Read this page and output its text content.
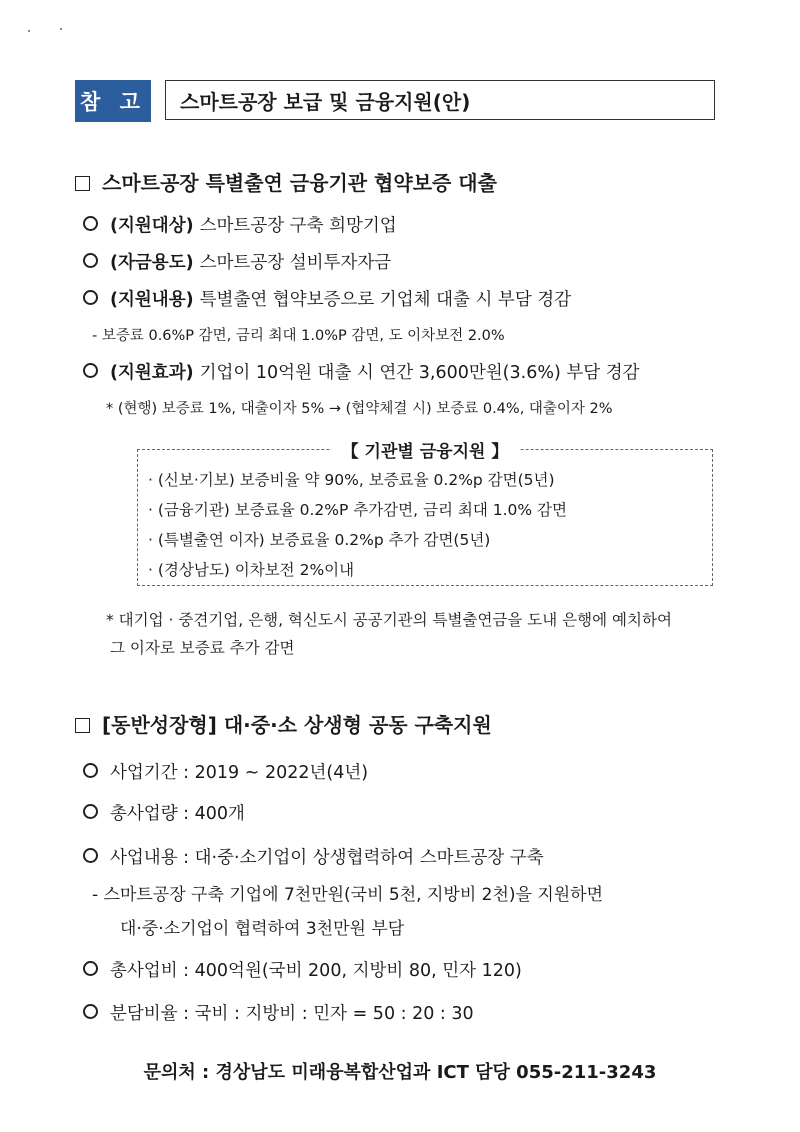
참 고	스마트공장 보급 및 금융지원(안)
스마트공장 특별출연 금융기관 협약보증 대출
(지원대상) 스마트공장 구축 희망기업
(자금용도) 스마트공장 설비투자자금
(지원내용) 특별출연 협약보증으로 기업체 대출 시 부담 경감
- 보증료 0.6%P 감면, 금리 최대 1.0%P 감면, 도 이차보전 2.0%
(지원효과) 기업이 10억원 대출 시 연간 3,600만원(3.6%) 부담 경감
* (현행) 보증료 1%, 대출이자 5% → (협약체결 시) 보증료 0.4%, 대출이자 2%
【 기관별 금융지원 】
· (신보·기보) 보증비율 약 90%, 보증료율 0.2%p 감면(5년)
· (금융기관) 보증료율 0.2%P 추가감면, 금리 최대 1.0% 감면
· (특별출연 이자) 보증료율 0.2%p 추가 감면(5년)
· (경상남도) 이차보전 2%이내
* 대기업 · 중견기업, 은행, 혁신도시 공공기관의 특별출연금을 도내 은행에 예치하여
그 이자로 보증료 추가 감면
[동반성장형] 대·중·소 상생형 공동 구축지원
사업기간 : 2019 ~ 2022년(4년)
총사업량 : 400개
사업내용 : 대·중·소기업이 상생협력하여 스마트공장 구축
- 스마트공장 구축 기업에 7천만원(국비 5천, 지방비 2천)을 지원하면
대·중·소기업이 협력하여 3천만원 부담
총사업비 : 400억원(국비 200, 지방비 80, 민자 120)
분담비율 : 국비 : 지방비 : 민자 = 50 : 20 : 30
문의처 : 경상남도 미래융복합산업과 ICT 담당 055-211-3243
